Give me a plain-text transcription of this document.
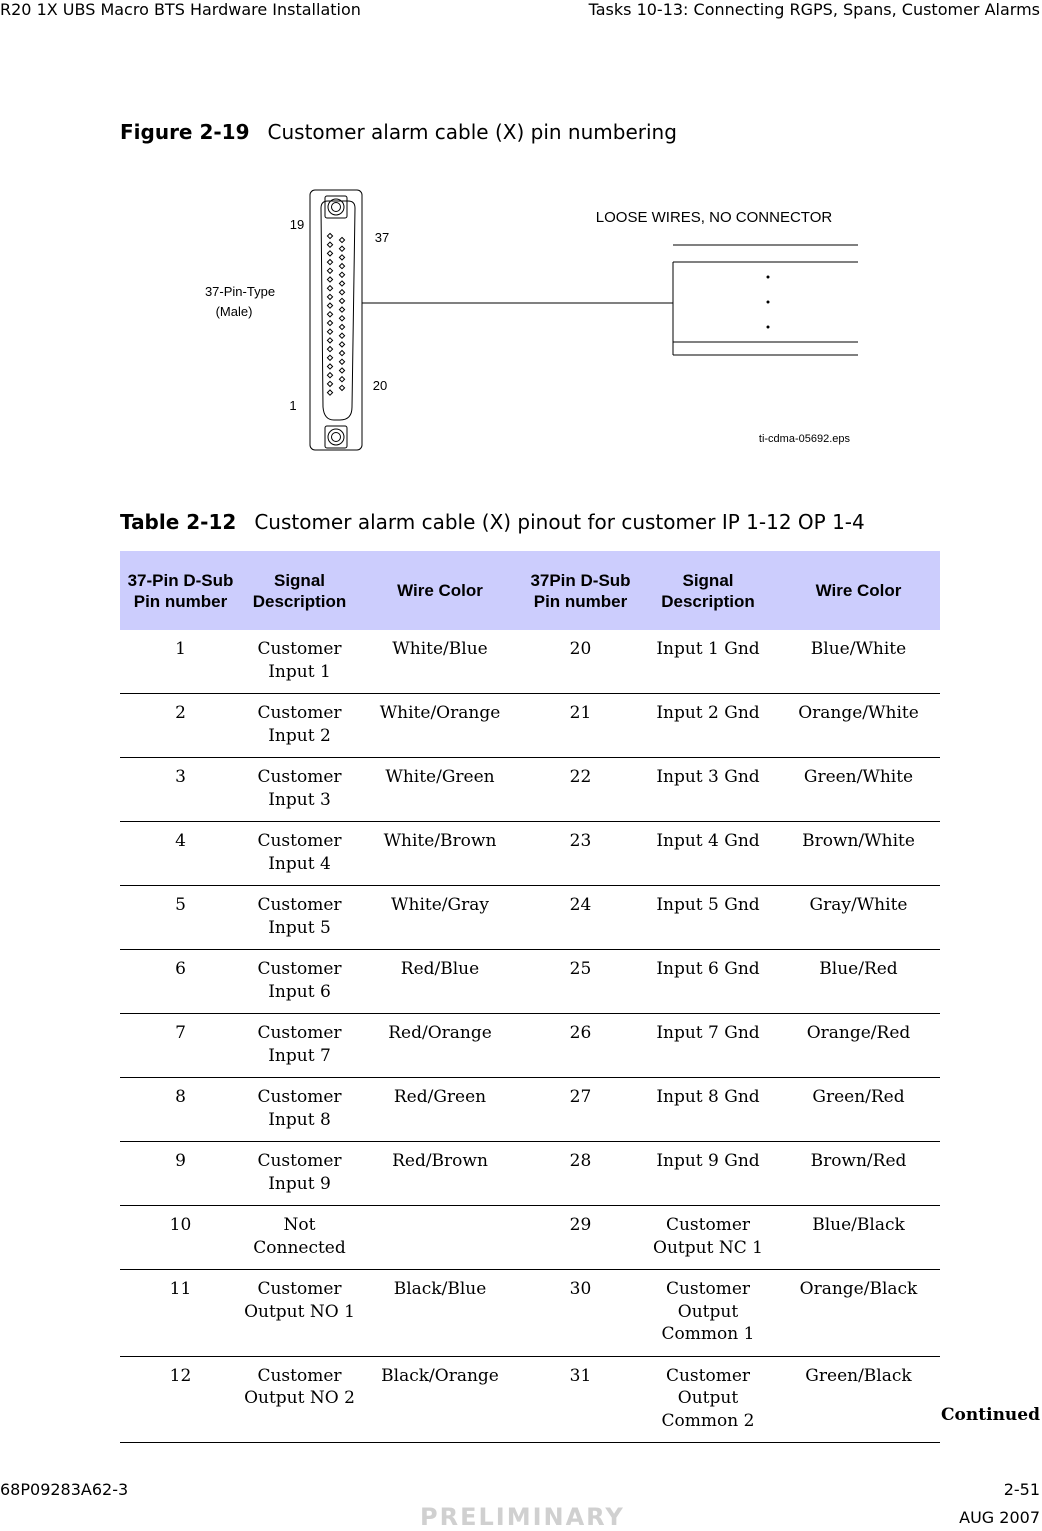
R20 1X UBS Macro BTS Hardware Installation	Tasks 10-13: Connecting RGPS, Spans, Customer Alarms
Figure 2-19 Customer alarm cable (X) pin numbering
19
37
1
20
37-Pin-Type
(Male)
LOOSE WIRES, NO CONNECTOR
ti-cdma-05692.eps
Table 2-12 Customer alarm cable (X) pinout for customer IP 1-12 OP 1-4
37-Pin D-Sub Pin number	Signal Description	Wire Color	37Pin D-Sub Pin number	Signal Description	Wire Color
1	Customer Input 1	White/Blue	20	Input 1 Gnd	Blue/White
2	Customer Input 2	White/Orange	21	Input 2 Gnd	Orange/White
3	Customer Input 3	White/Green	22	Input 3 Gnd	Green/White
4	Customer Input 4	White/Brown	23	Input 4 Gnd	Brown/White
5	Customer Input 5	White/Gray	24	Input 5 Gnd	Gray/White
6	Customer Input 6	Red/Blue	25	Input 6 Gnd	Blue/Red
7	Customer Input 7	Red/Orange	26	Input 7 Gnd	Orange/Red
8	Customer Input 8	Red/Green	27	Input 8 Gnd	Green/Red
9	Customer Input 9	Red/Brown	28	Input 9 Gnd	Brown/Red
10	Not Connected		29	Customer Output NC 1	Blue/Black
11	Customer Output NO 1	Black/Blue	30	Customer Output Common 1	Orange/Black
12	Customer Output NO 2	Black/Orange	31	Customer Output Common 2	Green/Black
Continued
68P09283A62-3	2-51
PRELIMINARY	AUG 2007
